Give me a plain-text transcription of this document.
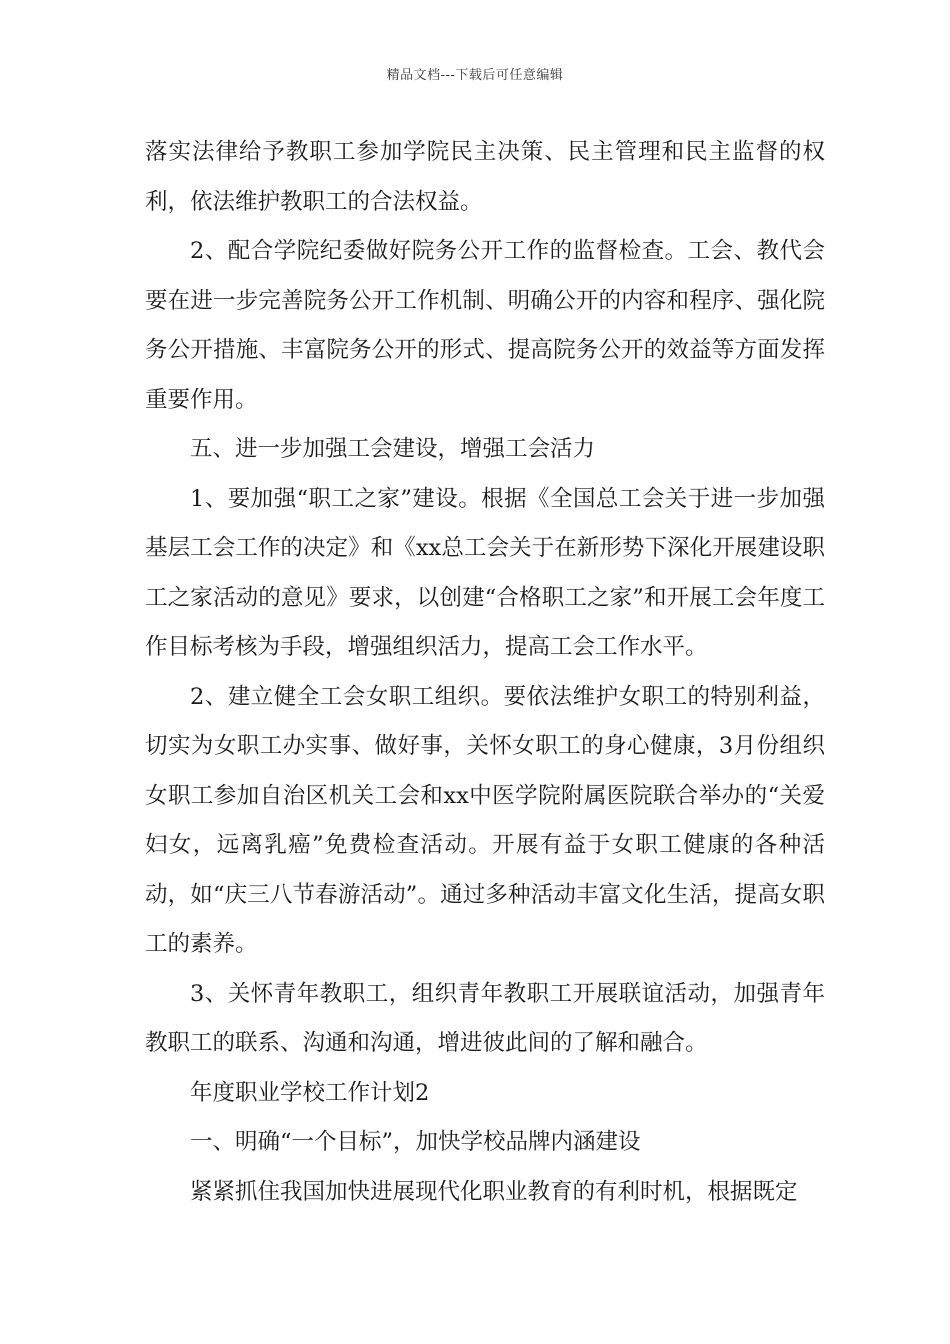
精品文档---下载后可任意编辑

落实法律给予教职工参加学院民主决策、民主管理和民主监督的权利，依法维护教职工的合法权益。

2、配合学院纪委做好院务公开工作的监督检查。工会、教代会要在进一步完善院务公开工作机制、明确公开的内容和程序、强化院务公开措施、丰富院务公开的形式、提高院务公开的效益等方面发挥重要作用。

五、进一步加强工会建设，增强工会活力

1、要加强“职工之家”建设。根据《全国总工会关于进一步加强基层工会工作的决定》和《xx总工会关于在新形势下深化开展建设职工之家活动的意见》要求，以创建“合格职工之家”和开展工会年度工作目标考核为手段，增强组织活力，提高工会工作水平。

2、建立健全工会女职工组织。要依法维护女职工的特别利益，切实为女职工办实事、做好事，关怀女职工的身心健康，3月份组织女职工参加自治区机关工会和xx中医学院附属医院联合举办的“关爱妇女，远离乳癌”免费检查活动。开展有益于女职工健康的各种活动，如“庆三八节春游活动”。通过多种活动丰富文化生活，提高女职工的素养。

3、关怀青年教职工，组织青年教职工开展联谊活动，加强青年教职工的联系、沟通和沟通，增进彼此间的了解和融合。

年度职业学校工作计划2

一、明确“一个目标”，加快学校品牌内涵建设

紧紧抓住我国加快进展现代化职业教育的有利时机，根据既定
